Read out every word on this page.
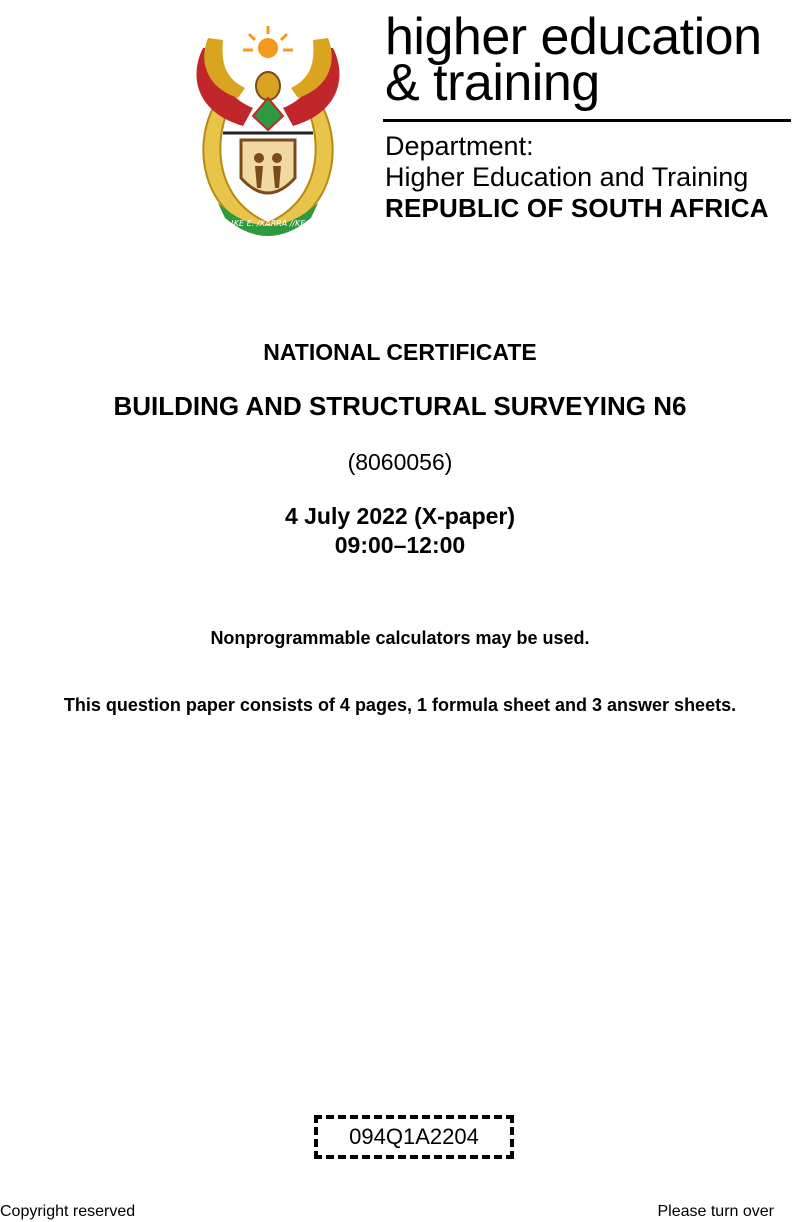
!KE E: /XARRA //KE
higher education
& training
Department:
Higher Education and Training
REPUBLIC OF SOUTH AFRICA
NATIONAL CERTIFICATE
BUILDING AND STRUCTURAL SURVEYING N6
(8060056)
4 July 2022 (X-paper)
09:00–12:00
Nonprogrammable calculators may be used.
This question paper consists of 4 pages, 1 formula sheet and 3 answer sheets.
094Q1A2204
Copyright reserved	Please turn over
